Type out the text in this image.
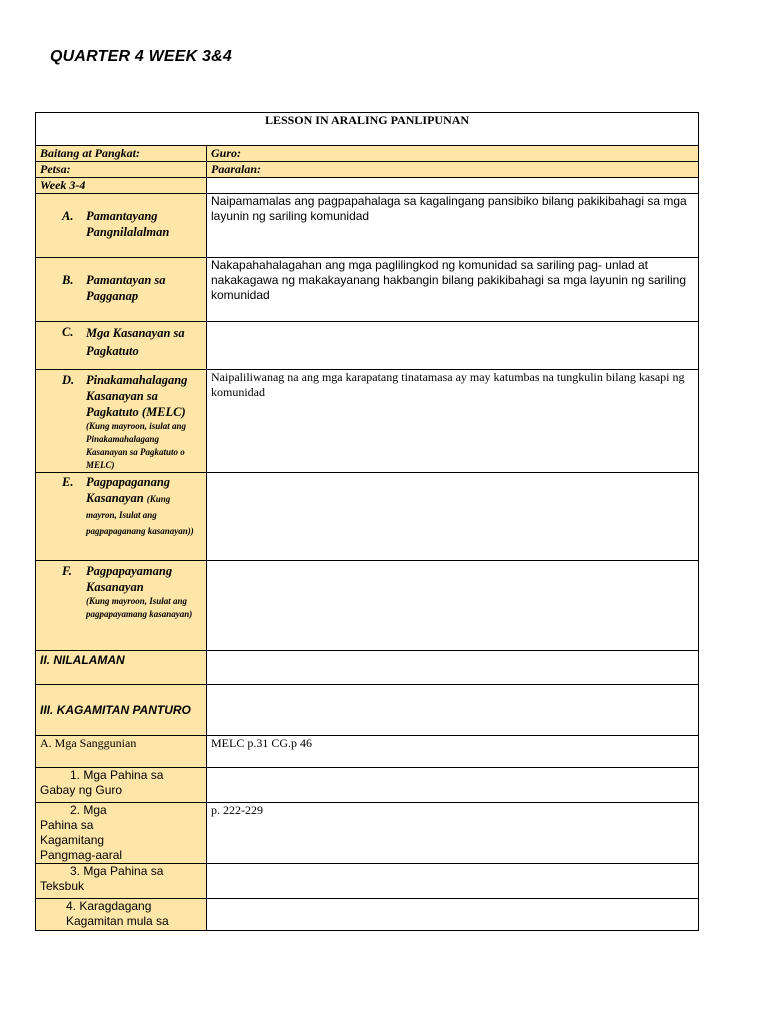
QUARTER 4 WEEK 3&4
LESSON IN ARALING PANLIPUNAN	
Baitang at Pangkat:	Guro:
Petsa:	Paaralan:
Week 3-4	

A. Pamantayang Pangnilalalman	Naipamamalas ang pagpapahalaga sa kagalingang pansibiko bilang pakikibahagi sa mga layunin ng sariling komunidad

B. Pamantayan sa Pagganap	Nakapahahalagahan ang mga paglilingkod ng komunidad sa sariling pag- unlad at nakakagawa ng makakayanang hakbangin bilang pakikibahagi sa mga layunin ng sariling komunidad

C. Mga Kasanayan sa Pagkatuto	

D. Pinakamahalagang Kasanayan sa Pagkatuto (MELC)
(Kung mayroon, isulat ang Pinakamahalagang Kasanayan sa Pagkatuto o MELC)	Naipaliliwanag na ang mga karapatang tinatamasa ay may katumbas na tungkulin bilang kasapi ng komunidad

E. Pagpapaganang Kasanayan (Kung mayron, Isulat ang pagpapaganang kasanayan))	

F. Pagpapayamang Kasanayan
(Kung mayroon, Isulat ang pagpapayamang kasanayan)	

II. NILALAMAN	
III. KAGAMITAN PANTURO	
A. Mga Sanggunian	MELC p.31 CG.p 46
1. Mga Pahina sa Gabay ng Guro	
2. Mga Pahina sa Kagamitang Pangmag-aaral	p. 222-229
3. Mga Pahina sa Teksbuk	
4. Karagdagang Kagamitan mula sa	
